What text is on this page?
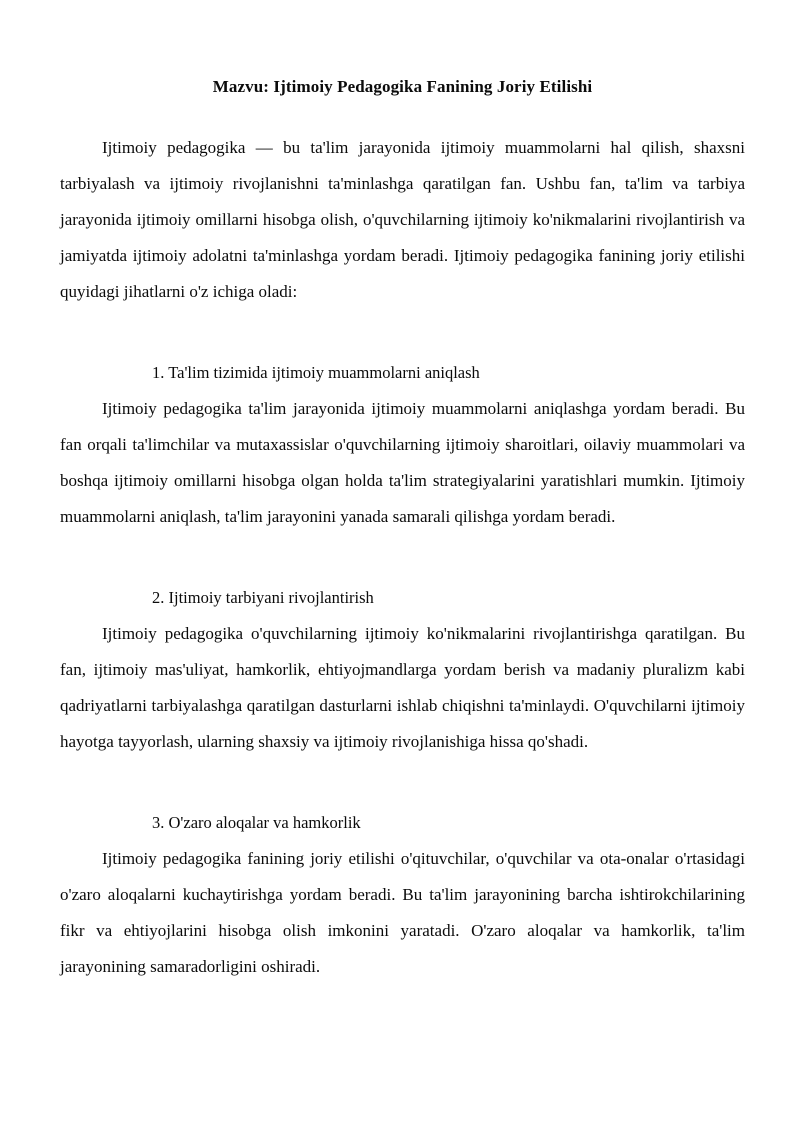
Mazvu: Ijtimoiy Pedagogika Fanining Joriy Etilishi

Ijtimoiy pedagogika — bu ta'lim jarayonida ijtimoiy muammolarni hal qilish, shaxsni tarbiyalash va ijtimoiy rivojlanishni ta'minlashga qaratilgan fan. Ushbu fan, ta'lim va tarbiya jarayonida ijtimoiy omillarni hisobga olish, o'quvchilarning ijtimoiy ko'nikmalarini rivojlantirish va jamiyatda ijtimoiy adolatni ta'minlashga yordam beradi. Ijtimoiy pedagogika fanining joriy etilishi quyidagi jihatlarni o'z ichiga oladi:

1. Ta'lim tizimida ijtimoiy muammolarni aniqlash

Ijtimoiy pedagogika ta'lim jarayonida ijtimoiy muammolarni aniqlashga yordam beradi. Bu fan orqali ta'limchilar va mutaxassislar o'quvchilarning ijtimoiy sharoitlari, oilaviy muammolari va boshqa ijtimoiy omillarni hisobga olgan holda ta'lim strategiyalarini yaratishlari mumkin. Ijtimoiy muammolarni aniqlash, ta'lim jarayonini yanada samarali qilishga yordam beradi.

2. Ijtimoiy tarbiyani rivojlantirish

Ijtimoiy pedagogika o'quvchilarning ijtimoiy ko'nikmalarini rivojlantirishga qaratilgan. Bu fan, ijtimoiy mas'uliyat, hamkorlik, ehtiyojmandlarga yordam berish va madaniy pluralizm kabi qadriyatlarni tarbiyalashga qaratilgan dasturlarni ishlab chiqishni ta'minlaydi. O'quvchilarni ijtimoiy hayotga tayyorlash, ularning shaxsiy va ijtimoiy rivojlanishiga hissa qo'shadi.

3. O'zaro aloqalar va hamkorlik

Ijtimoiy pedagogika fanining joriy etilishi o'qituvchilar, o'quvchilar va ota-onalar o'rtasidagi o'zaro aloqalarni kuchaytirishga yordam beradi. Bu ta'lim jarayonining barcha ishtirokchilarining fikr va ehtiyojlarini hisobga olish imkonini yaratadi. O'zaro aloqalar va hamkorlik, ta'lim jarayonining samaradorligini oshiradi.
